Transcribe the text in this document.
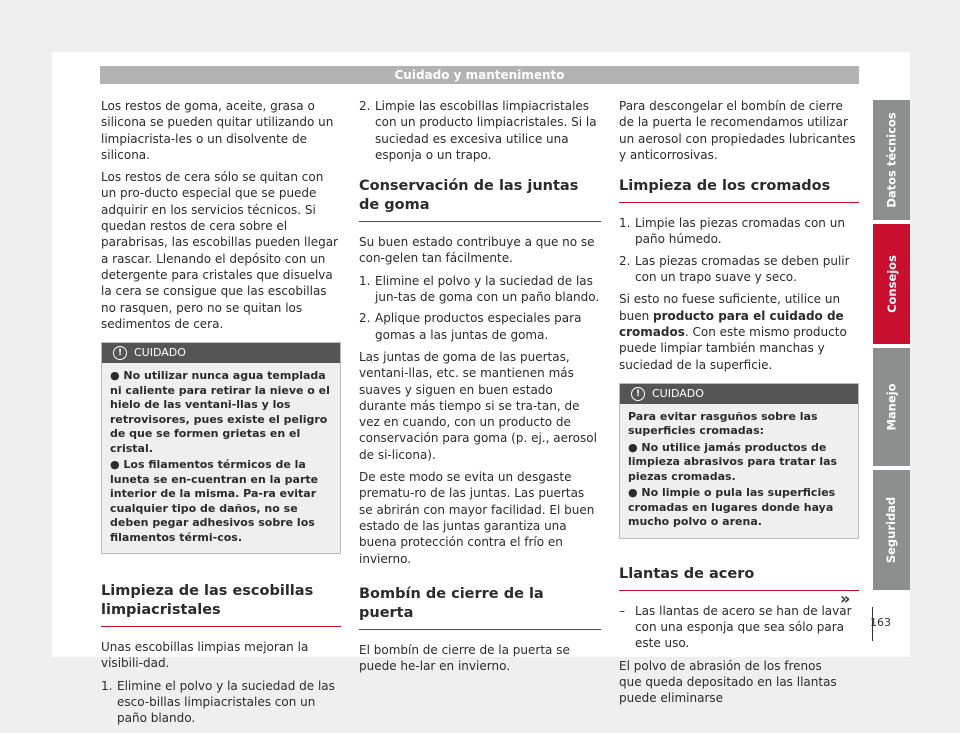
Cuidado y mantenimento
Datos técnicos
Consejos
Manejo
Seguridad

Los restos de goma, aceite, grasa o silicona se pueden quitar utilizando un limpiacrista-les o un disolvente de silicona.

Los restos de cera sólo se quitan con un pro-ducto especial que se puede adquirir en los servicios técnicos. Si quedan restos de cera sobre el parabrisas, las escobillas pueden llegar a rascar. Llenando el depósito con un detergente para cristales que disuelva la cera se consigue que las escobillas no rasquen, pero no se quitan los sedimentos de cera.

!	CUIDADO
● No utilizar nunca agua templada ni caliente para retirar la nieve o el hielo de las ventani-llas y los retrovisores, pues existe el peligro de que se formen grietas en el cristal.
● Los filamentos térmicos de la luneta se en-cuentran en la parte interior de la misma. Pa-ra evitar cualquier tipo de daños, no se deben pegar adhesivos sobre los filamentos térmi-cos.
Limpieza de las escobillas limpiacristales

Unas escobillas limpias mejoran la visibili-dad.

1. Elimine el polvo y la suciedad de las esco-billas limpiacristales con un paño blando.
2. Limpie las escobillas limpiacristales con un producto limpiacristales. Si la suciedad es excesiva utilice una esponja o un trapo.
Conservación de las juntas de goma

Su buen estado contribuye a que no se con-gelen tan fácilmente.

1. Elimine el polvo y la suciedad de las jun-tas de goma con un paño blando.
2. Aplique productos especiales para gomas a las juntas de goma.

Las juntas de goma de las puertas, ventani-llas, etc. se mantienen más suaves y siguen en buen estado durante más tiempo si se tra-tan, de vez en cuando, con un producto de conservación para goma (p. ej., aerosol de si-licona).

De este modo se evita un desgaste prematu-ro de las juntas. Las puertas se abrirán con mayor facilidad. El buen estado de las juntas garantiza una buena protección contra el frío en invierno.

Bombín de cierre de la puerta

El bombín de cierre de la puerta se puede he-lar en invierno.

Para descongelar el bombín de cierre de la puerta le recomendamos utilizar un aerosol con propiedades lubricantes y anticorrosivas.

Limpieza de los cromados
1. Limpie las piezas cromadas con un paño húmedo.
2. Las piezas cromadas se deben pulir con un trapo suave y seco.

Si esto no fuese suficiente, utilice un buen producto para el cuidado de cromados. Con este mismo producto puede limpiar también manchas y suciedad de la superficie.

!	CUIDADO
Para evitar rasguños sobre las superficies cromadas:
● No utilice jamás productos de limpieza abrasivos para tratar las piezas cromadas.
● No limpie o pula las superficies cromadas en lugares donde haya mucho polvo o arena.
Llantas de acero
– Las llantas de acero se han de lavar con una esponja que sea sólo para este uso.

El polvo de abrasión de los frenos que queda depositado en las llantas puede eliminarse

»
163
